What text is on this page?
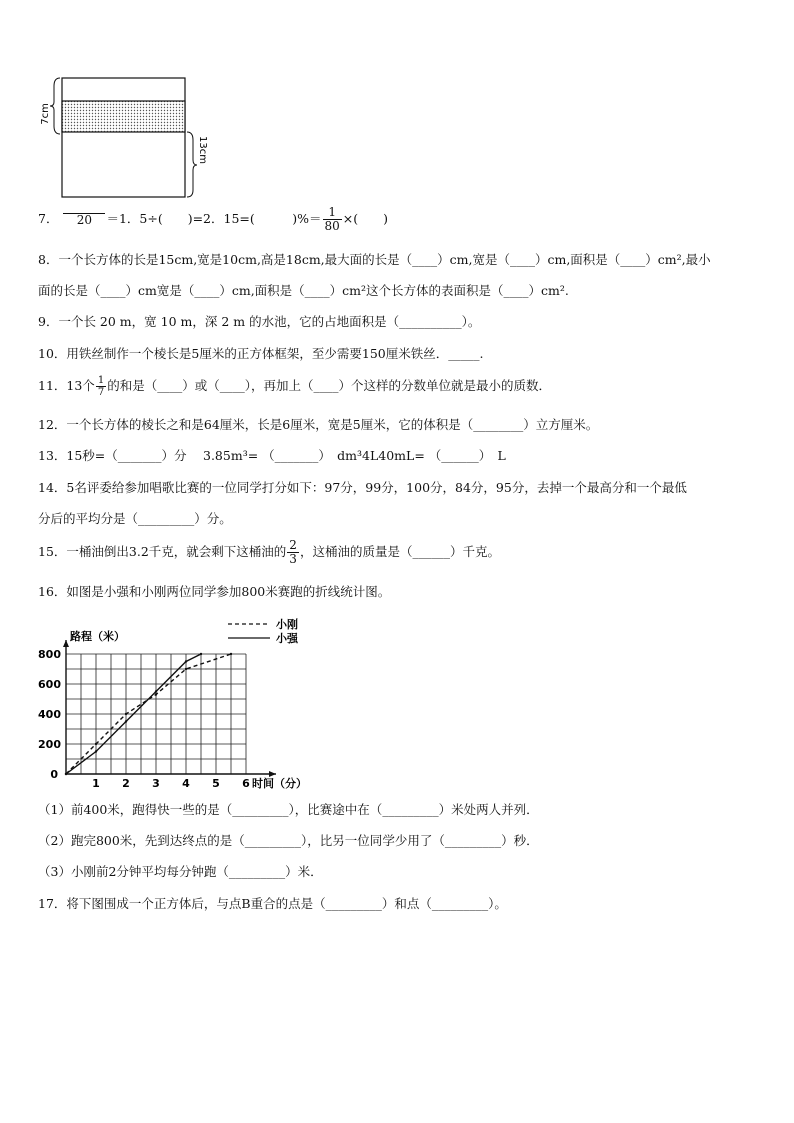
7cm
13cm
7．	20	＝1．5÷(　　)=2．15=(　　　)%＝ $\frac{1}{80}$ ×(　　)
8．一个长方体的长是15cm,宽是10cm,高是18cm,最大面的长是（____）cm,宽是（____）cm,面积是（____）cm²,最小
面的长是（____）cm宽是（____）cm,面积是（____）cm²这个长方体的表面积是（____）cm².
9．一个长 20 m，宽 10 m，深 2 m 的水池，它的占地面积是（__________）。
10．用铁丝制作一个棱长是5厘米的正方体框架，至少需要150厘米铁丝．_____.
11．13个 $\frac{1}{7}$ 的和是（____）或（____），再加上（____）个这样的分数单位就是最小的质数．
12．一个长方体的棱长之和是64厘米，长是6厘米，宽是5厘米，它的体积是（________）立方厘米。
13．15秒=（_______）分　 3.85m³= （_______）　dm³4L40mL= （______）　L
14．5名评委给参加唱歌比赛的一位同学打分如下：97分，99分，100分，84分，95分，去掉一个最高分和一个最低
分后的平均分是（_________）分。
15．一桶油倒出3.2千克，就会剩下这桶油的 $\frac{2}{3}$ ，这桶油的质量是（______）千克。
16．如图是小强和小刚两位同学参加800米赛跑的折线统计图。
1 2 3 4 5 6
200
400
600
800
0
路程（米）
时间（分）
小刚
小强
（1）前400米，跑得快一些的是（_________），比赛途中在（_________）米处两人并列．
（2）跑完800米，先到达终点的是（_________），比另一位同学少用了（_________）秒．
（3）小刚前2分钟平均每分钟跑（_________）米．
17．将下图围成一个正方体后，与点B重合的点是（_________）和点（_________）。
